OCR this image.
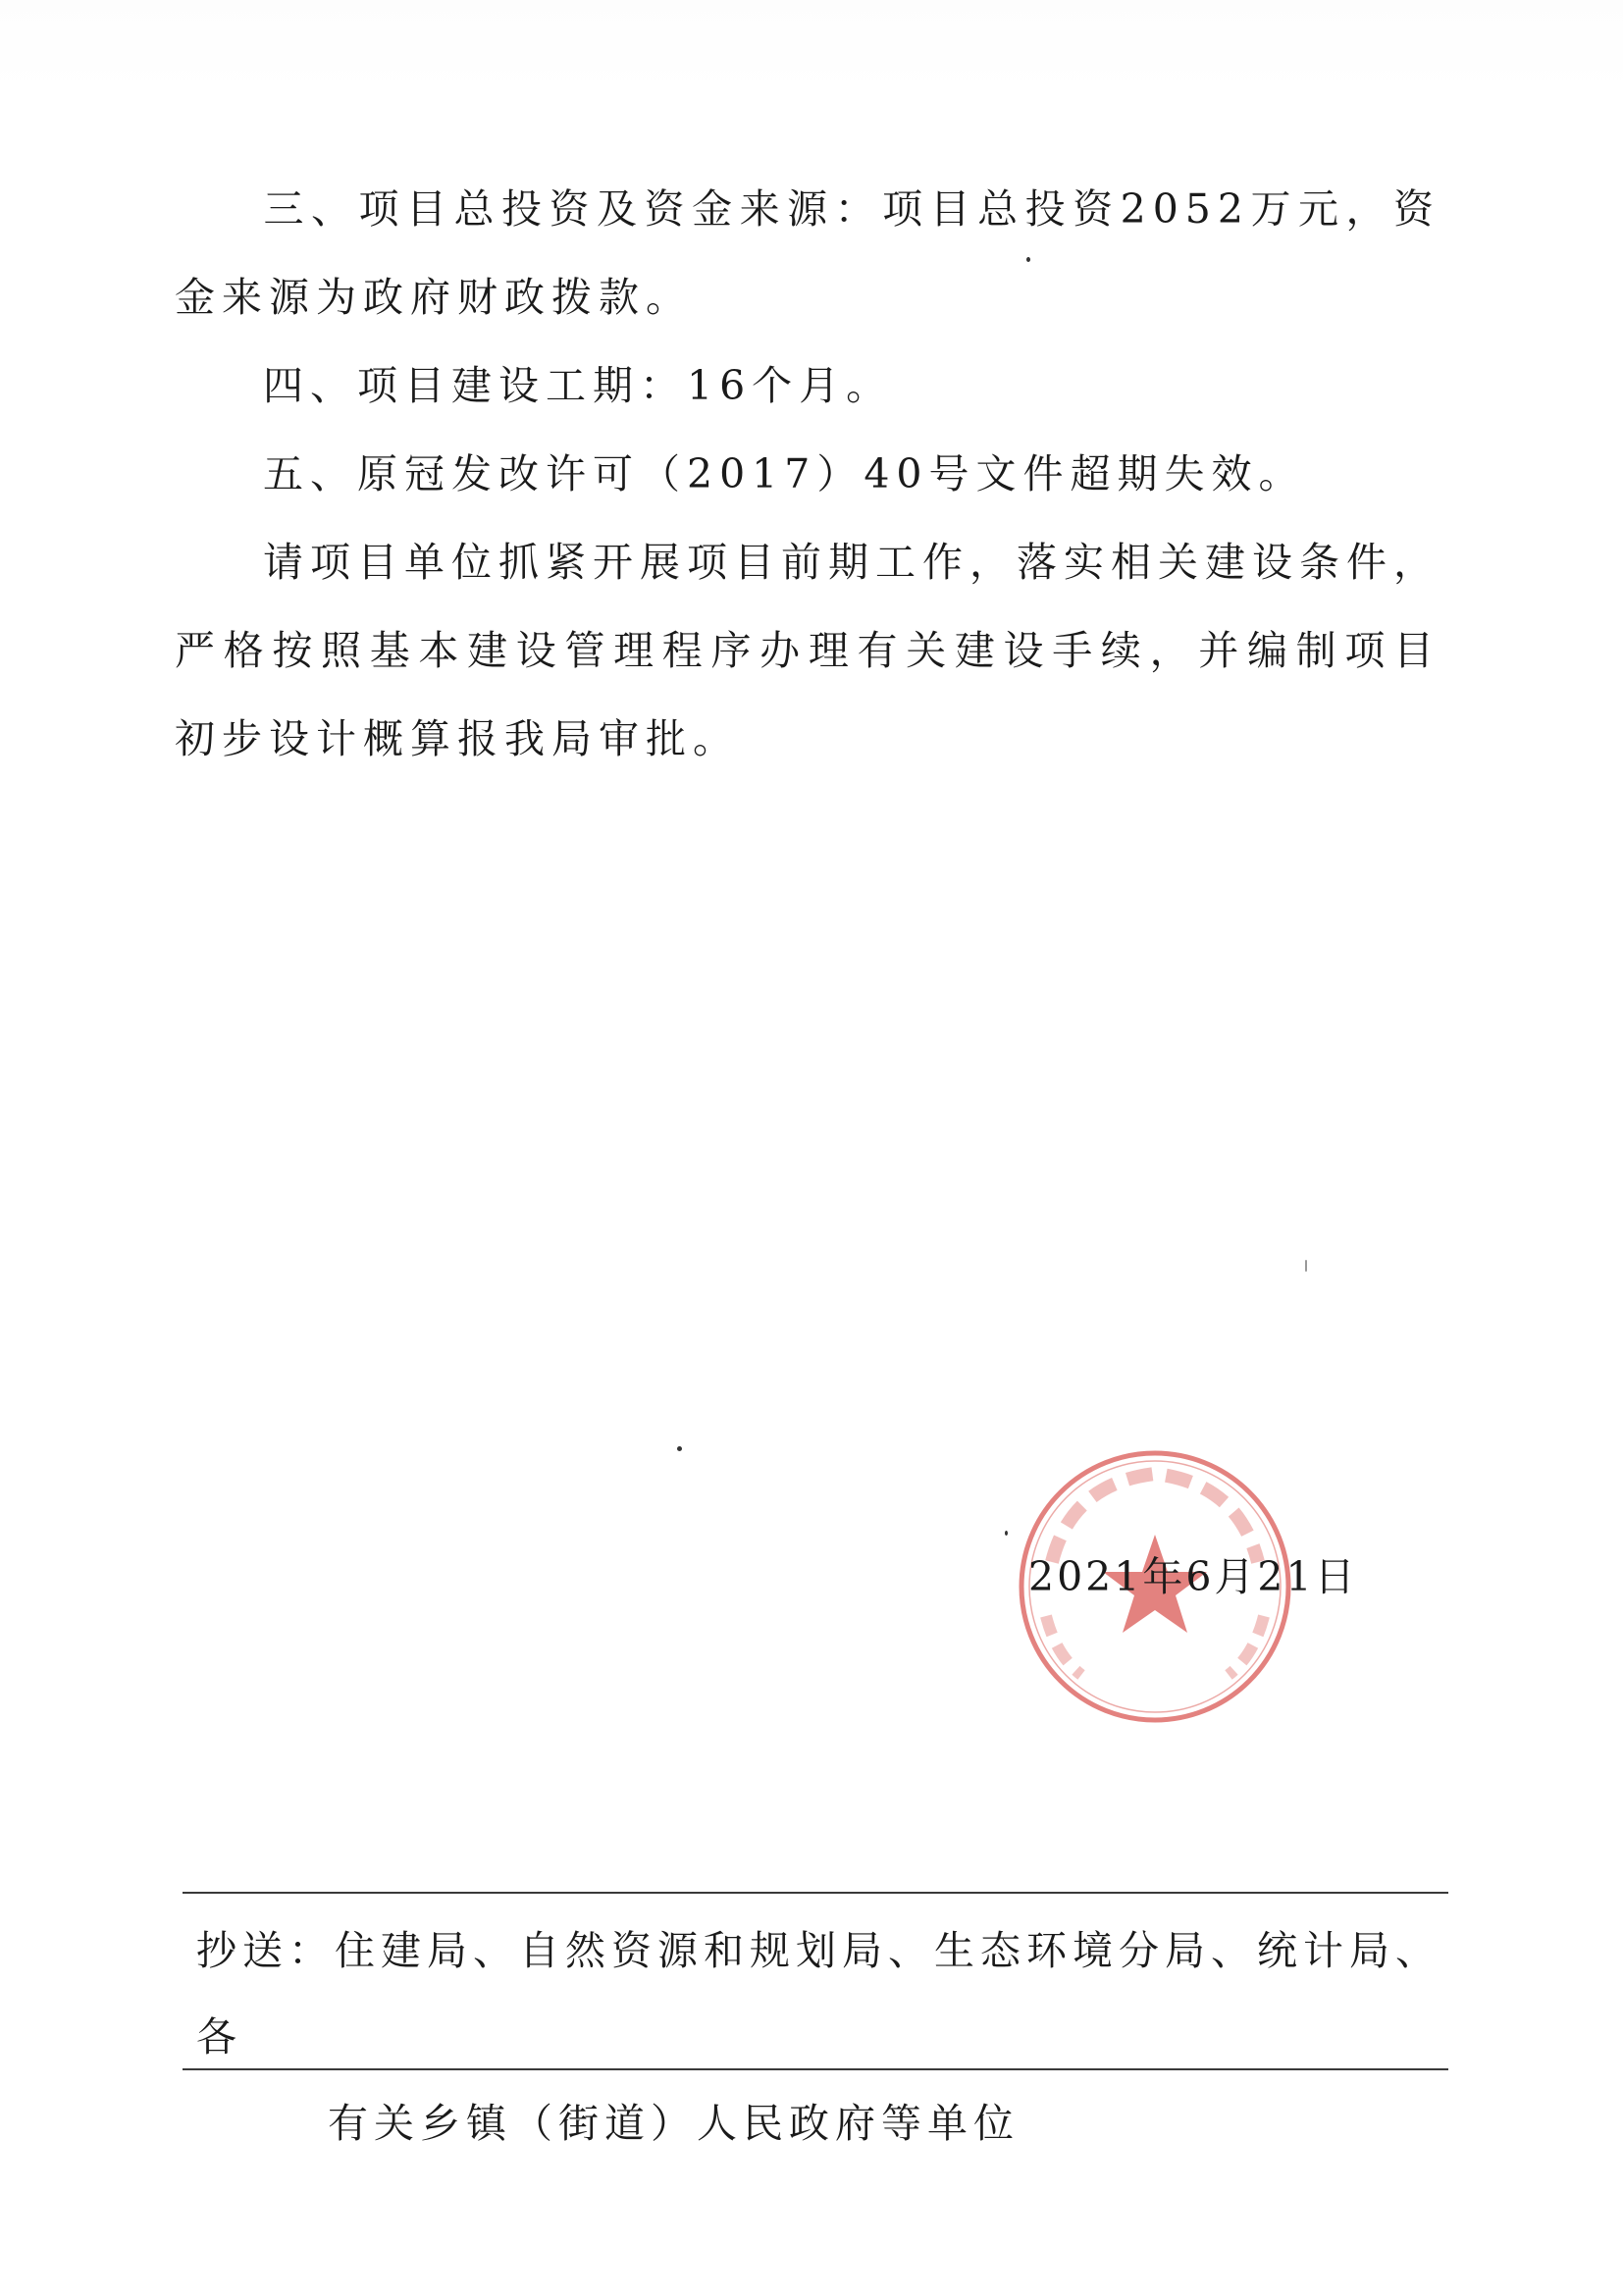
三、项目总投资及资金来源：项目总投资2052万元，资金来源为政府财政拨款。

四、项目建设工期：16个月。

五、原冠发改许可（2017）40号文件超期失效。

请项目单位抓紧开展项目前期工作，落实相关建设条件，严格按照基本建设管理程序办理有关建设手续，并编制项目初步设计概算报我局审批。

2021年6月21日
抄送：住建局、自然资源和规划局、生态环境分局、统计局、各
有关乡镇（街道）人民政府等单位
